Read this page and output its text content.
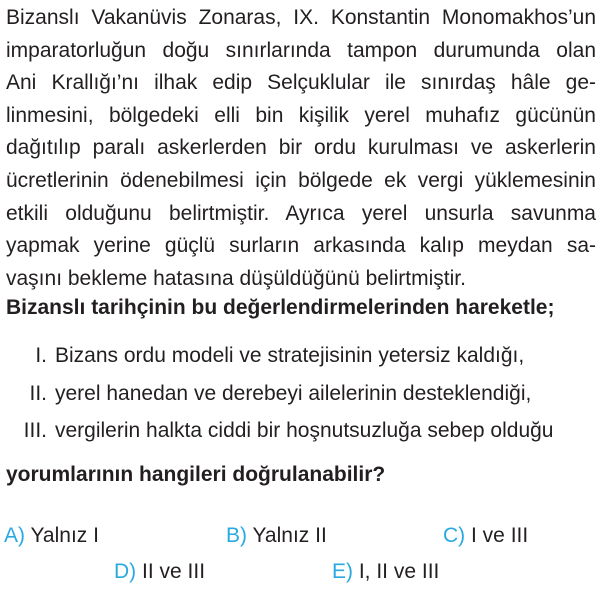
Bizanslı Vakanüvis Zonaras, IX. Konstantin Monomakhos’un
imparatorluğun doğu sınırlarında tampon durumunda olan
Ani Krallığı’nı ilhak edip Selçuklular ile sınırdaş hâle ge-
linmesini, bölgedeki elli bin kişilik yerel muhafız gücünün
dağıtılıp paralı askerlerden bir ordu kurulması ve askerlerin
ücretlerinin ödenebilmesi için bölgede ek vergi yüklemesinin
etkili olduğunu belirtmiştir. Ayrıca yerel unsurla savunma
yapmak yerine güçlü surların arkasında kalıp meydan sa-
vaşını bekleme hatasına düşüldüğünü belirtmiştir.

Bizanslı tarihçinin bu değerlendirmelerinden hareketle;

I. Bizans ordu modeli ve stratejisinin yetersiz kaldığı,
II. yerel hanedan ve derebeyi ailelerinin desteklendiği,
III. vergilerin halkta ciddi bir hoşnutsuzluğa sebep olduğu

yorumlarının hangileri doğrulanabilir?

A) Yalnız I	B) Yalnız II	C) I ve III
D) II ve III	E) I, II ve III
